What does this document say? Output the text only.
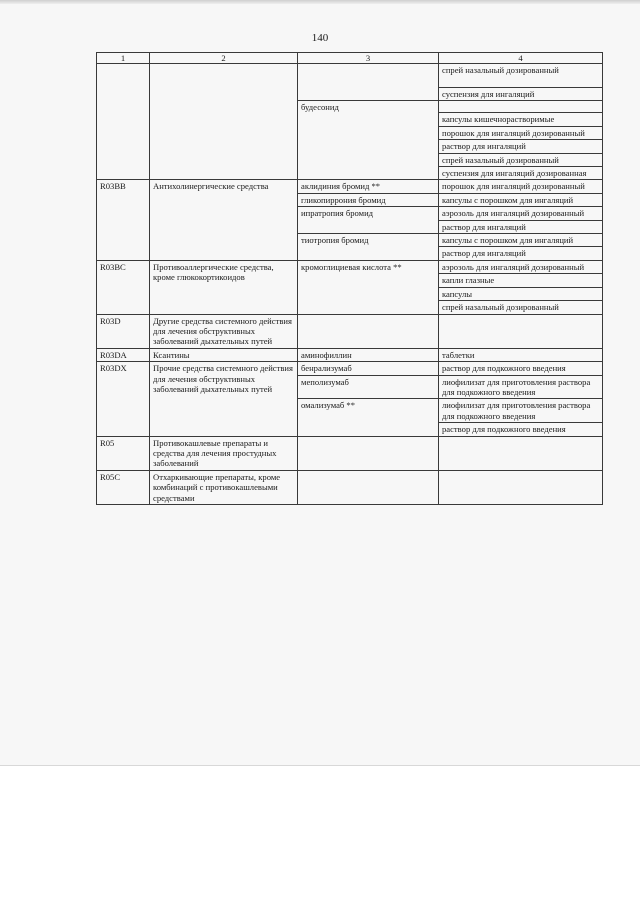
140
1	2	3	4
			спрей назальный дозированный
			суспензия для ингаляций
		будесонид	
			капсулы кишечнорастворимые
			порошок для ингаляций дозированный
			раствор для ингаляций
			спрей назальный дозированный
			суспензия для ингаляций дозированная
R03BB	Антихолинергические средства	аклидиния бромид **	порошок для ингаляций дозированный
		гликопиррония бромид	капсулы с порошком для ингаляций
		ипратропия бромид	аэрозоль для ингаляций дозированный
			раствор для ингаляций
		тиотропия бромид	капсулы с порошком для ингаляций
			раствор для ингаляций
R03BC	Противоаллергические средства, кроме глюкокортикоидов	кромоглициевая кислота **	аэрозоль для ингаляций дозированный
			капли глазные
			капсулы
			спрей назальный дозированный
R03D	Другие средства системного действия для лечения обструктивных заболеваний дыхательных путей		
R03DA	Ксантины	аминофиллин	таблетки
R03DX	Прочие средства системного действия для лечения обструктивных заболеваний дыхательных путей	бенрализумаб	раствор для подкожного введения
		меполизумаб	лиофилизат для приготовления раствора для подкожного введения
		омализумаб **	лиофилизат для приготовления раствора для подкожного введения
			раствор для подкожного введения
R05	Противокашлевые препараты и средства для лечения простудных заболеваний		
R05C	Отхаркивающие препараты, кроме комбинаций с противокашлевыми средствами		
